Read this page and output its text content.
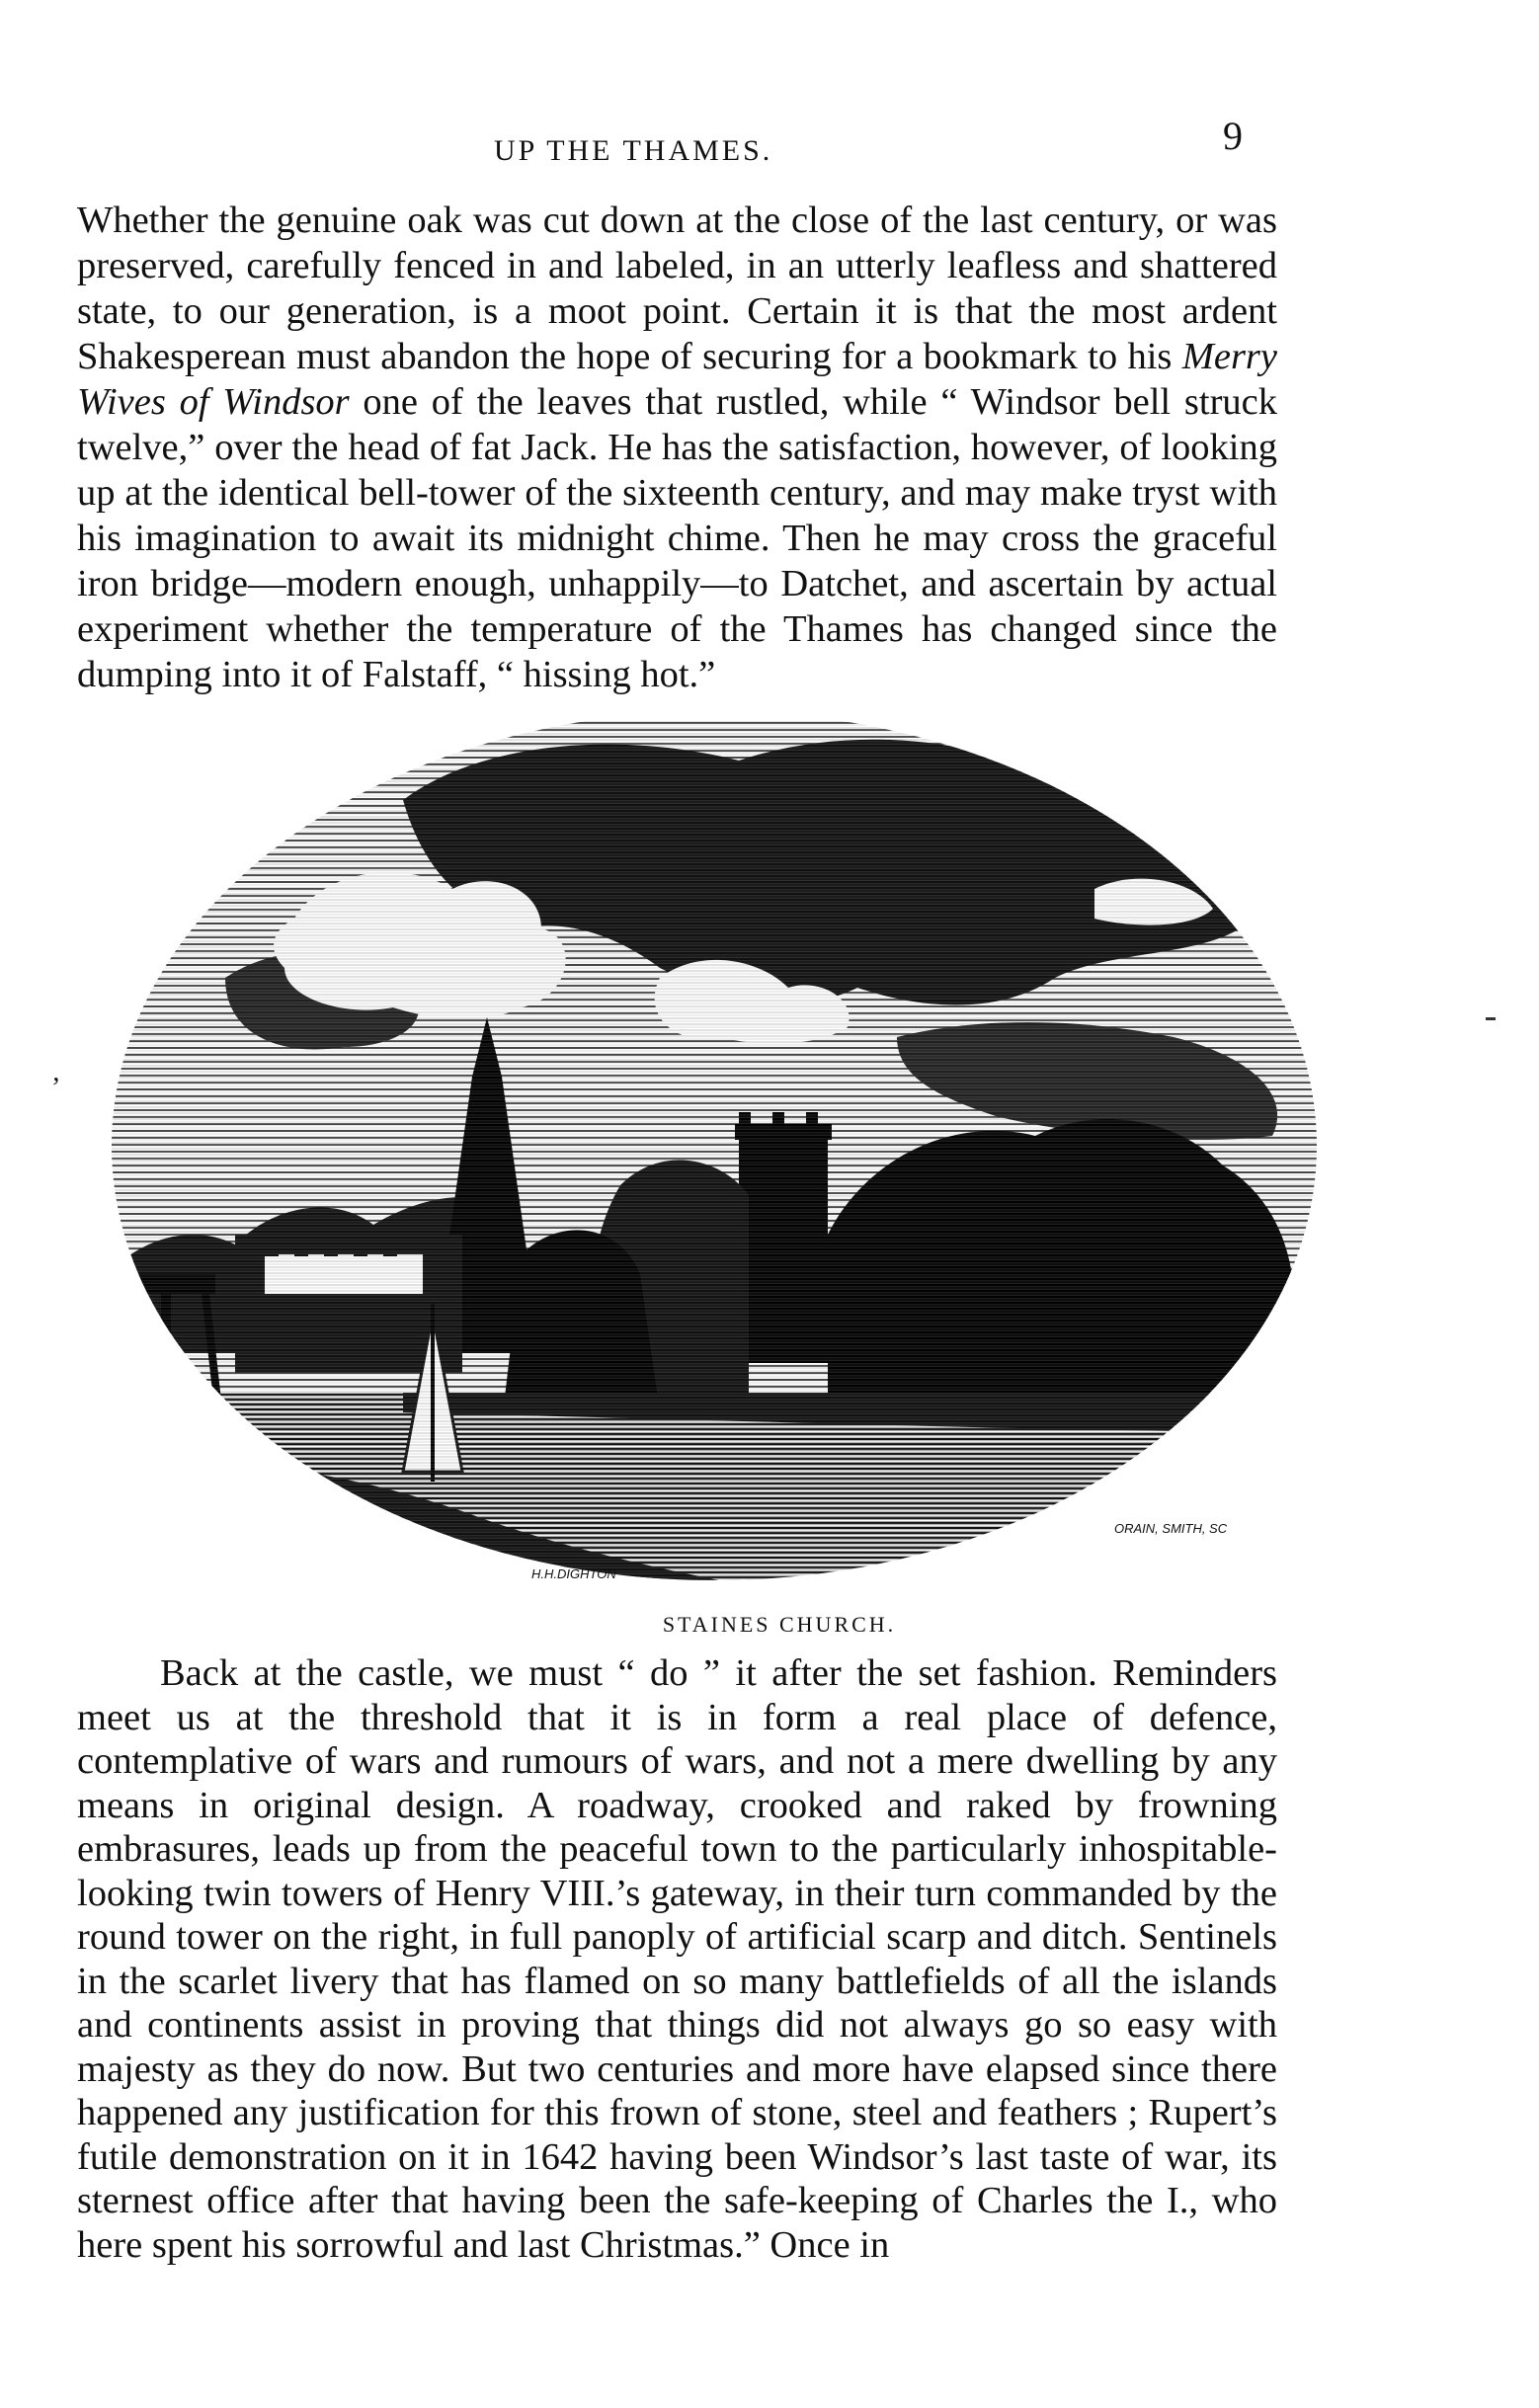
UP THE THAMES.	9

Whether the genuine oak was cut down at the close of the last century, or was preserved, carefully fenced in and labeled, in an utterly leafless and shattered state, to our generation, is a moot point. Certain it is that the most ardent Shakesperean must abandon the hope of securing for a bookmark to his Merry Wives of Windsor one of the leaves that rustled, while “ Windsor bell struck twelve,” over the head of fat Jack. He has the satisfaction, however, of looking up at the identical bell-tower of the sixteenth century, and may make tryst with his imagination to await its midnight chime. Then he may cross the graceful iron bridge—modern enough, unhappily—to Datchet, and ascertain by actual experiment whether the temperature of the Thames has changed since the dumping into it of Falstaff, “ hissing hot.”

H.H.DIGHTON
ORAIN, SMITH, SC
STAINES CHURCH.

Back at the castle, we must “ do ” it after the set fashion. Reminders meet us at the threshold that it is in form a real place of defence, contemplative of wars and rumours of wars, and not a mere dwelling by any means in original design. A roadway, crooked and raked by frowning embrasures, leads up from the peaceful town to the particularly inhospitable-looking twin towers of Henry VIII.’s gateway, in their turn commanded by the round tower on the right, in full panoply of artificial scarp and ditch. Sentinels in the scarlet livery that has flamed on so many battlefields of all the islands and continents assist in proving that things did not always go so easy with majesty as they do now. But two centuries and more have elapsed since there happened any justification for this frown of stone, steel and feathers ; Rupert’s futile demonstration on it in 1642 having been Windsor’s last taste of war, its sternest office after that having been the safe-keeping of Charles the I., who here spent his sorrowful and last Christmas.” Once in

’
